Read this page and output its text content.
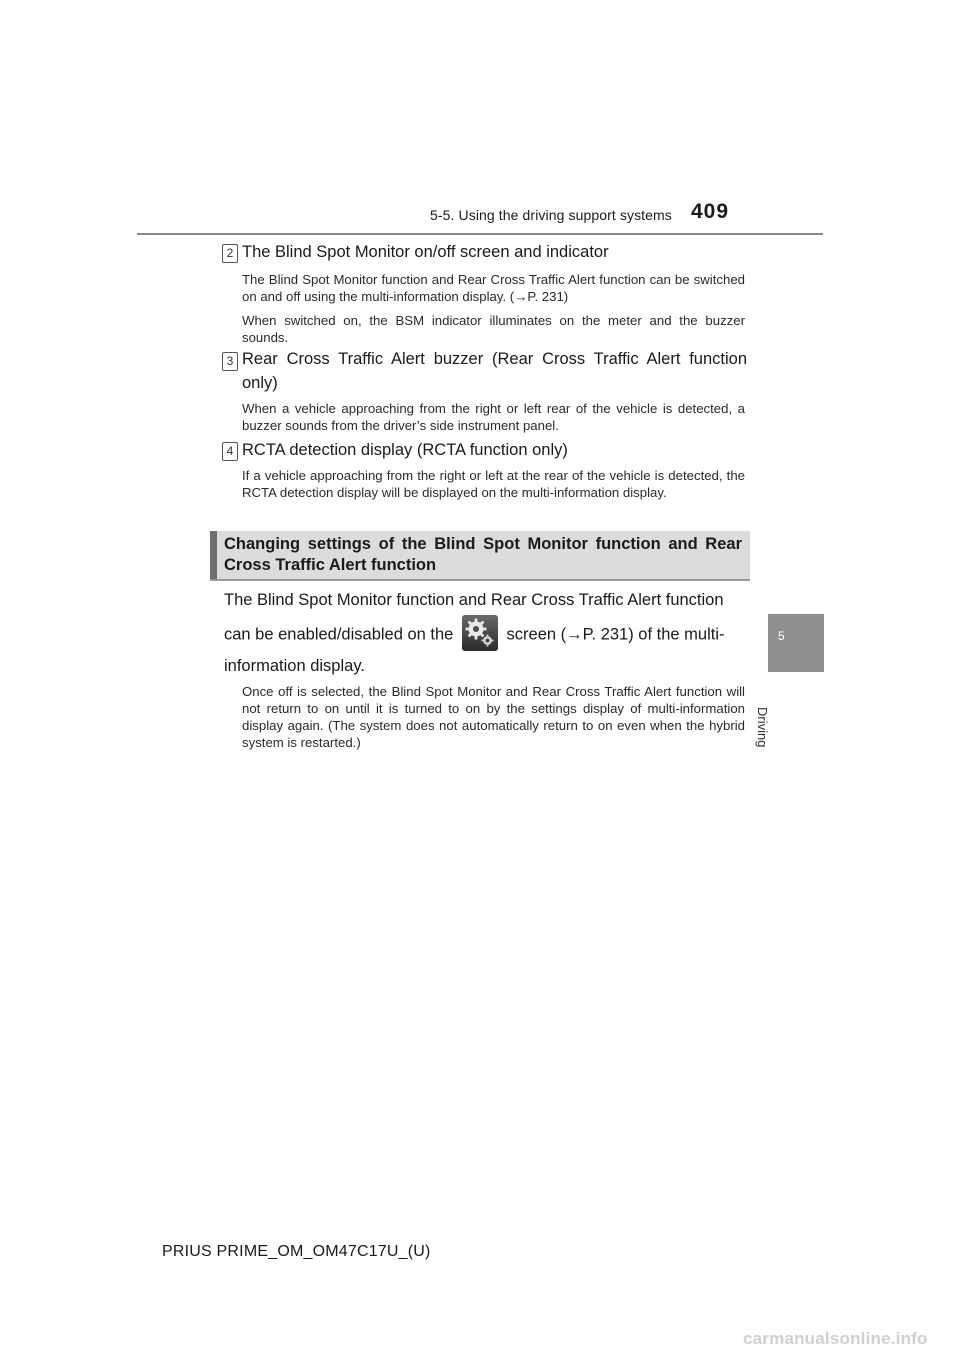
5-5. Using the driving support systems 409
5
Driving
2 The Blind Spot Monitor on/off screen and indicator

The Blind Spot Monitor function and Rear Cross Traffic Alert function can be switched on and off using the multi-information display. (→P. 231)

When switched on, the BSM indicator illuminates on the meter and the buzzer sounds.

3 Rear Cross Traffic Alert buzzer (Rear Cross Traffic Alert function only)

When a vehicle approaching from the right or left rear of the vehicle is detected, a buzzer sounds from the driver’s side instrument panel.

4 RCTA detection display (RCTA function only)

If a vehicle approaching from the right or left at the rear of the vehicle is detected, the RCTA detection display will be displayed on the multi-information display.

Changing settings of the Blind Spot Monitor function and Rear Cross Traffic Alert function
The Blind Spot Monitor function and Rear Cross Traffic Alert function
can be enabled/disabled on the	screen (→P. 231) of the multi-
information display.
Once off is selected, the Blind Spot Monitor and Rear Cross Traffic Alert function will not return to on until it is turned to on by the settings display of multi-information display again. (The system does not automatically return to on even when the hybrid system is restarted.)
PRIUS PRIME_OM_OM47C17U_(U)
carmanualsonline.info
